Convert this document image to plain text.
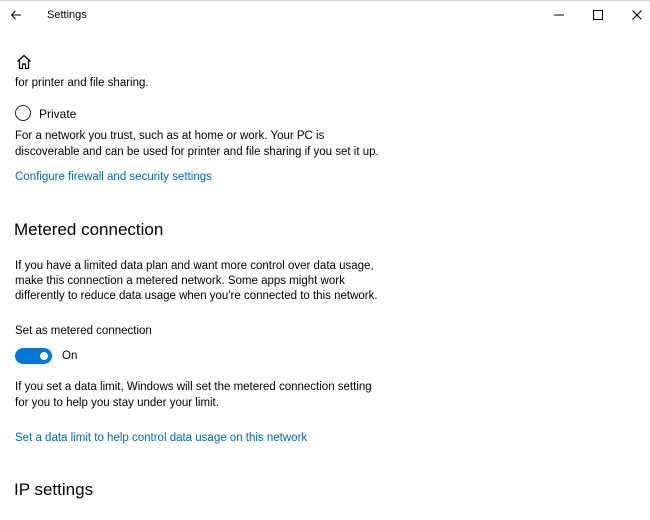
Settings
for printer and file sharing.
Private
For a network you trust, such as at home or work. Your PC is
discoverable and can be used for printer and file sharing if you set it up.
Configure firewall and security settings
Metered connection
If you have a limited data plan and want more control over data usage,
make this connection a metered network. Some apps might work
differently to reduce data usage when you're connected to this network.
Set as metered connection
On
If you set a data limit, Windows will set the metered connection setting
for you to help you stay under your limit.
Set a data limit to help control data usage on this network
IP settings
